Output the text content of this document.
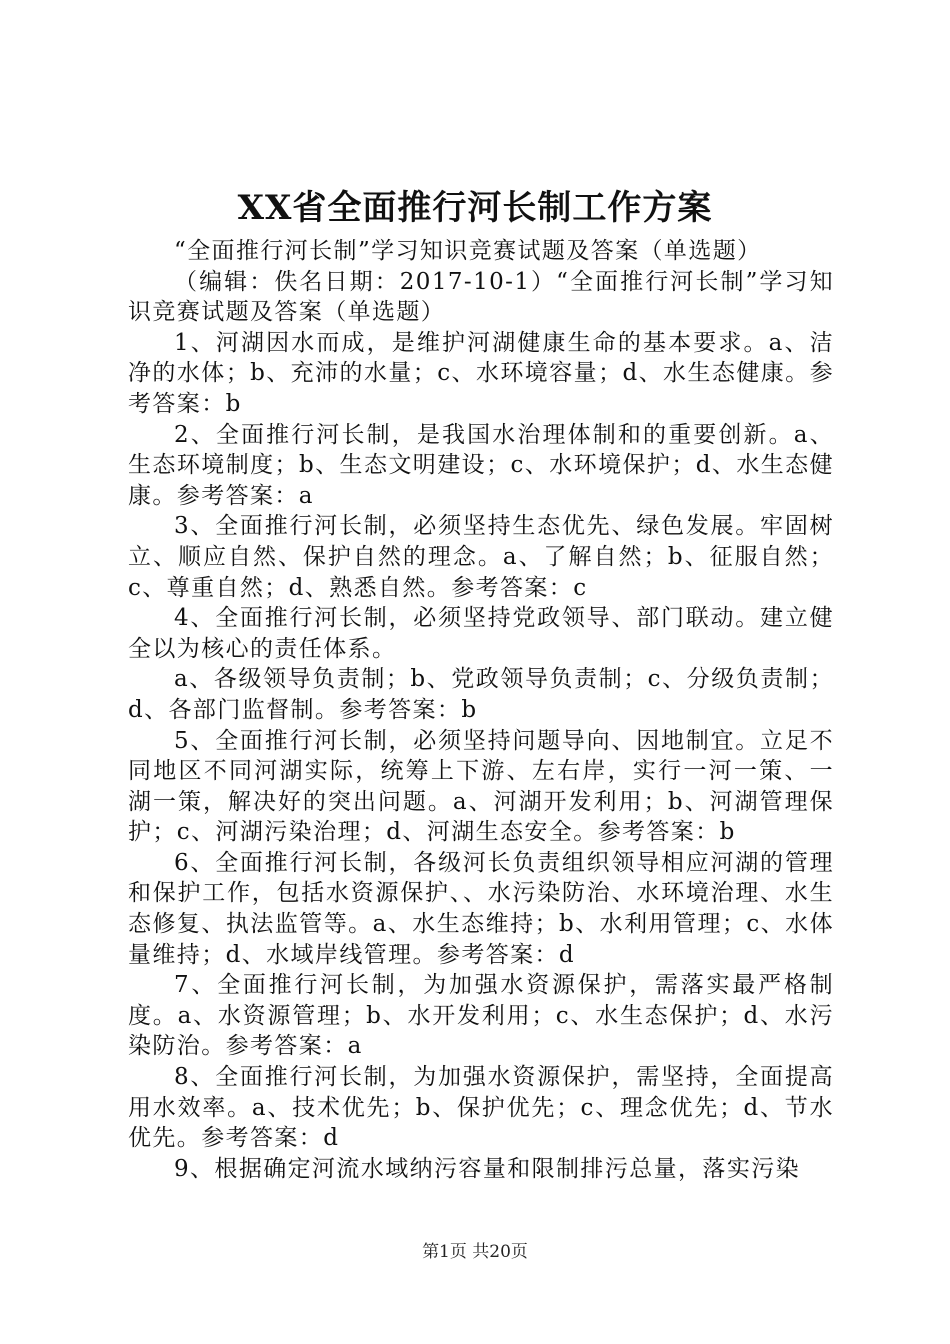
XX省全面推行河长制工作方案

“全面推行河长制”学习知识竞赛试题及答案（单选题）

（编辑：佚名日期：2017-10-1）“全面推行河长制”学习知识竞赛试题及答案（单选题）

1、河湖因水而成，是维护河湖健康生命的基本要求。a、洁净的水体；b、充沛的水量；c、水环境容量；d、水生态健康。参考答案：b

2、全面推行河长制，是我国水治理体制和的重要创新。a、生态环境制度；b、生态文明建设；c、水环境保护；d、水生态健康。参考答案：a

3、全面推行河长制，必须坚持生态优先、绿色发展。牢固树立、顺应自然、保护自然的理念。a、了解自然；b、征服自然；c、尊重自然；d、熟悉自然。参考答案：c

4、全面推行河长制，必须坚持党政领导、部门联动。建立健全以为核心的责任体系。

a、各级领导负责制；b、党政领导负责制；c、分级负责制；d、各部门监督制。参考答案：b

5、全面推行河长制，必须坚持问题导向、因地制宜。立足不同地区不同河湖实际，统筹上下游、左右岸，实行一河一策、一湖一策，解决好的突出问题。a、河湖开发利用；b、河湖管理保护；c、河湖污染治理；d、河湖生态安全。参考答案：b

6、全面推行河长制，各级河长负责组织领导相应河湖的管理和保护工作，包括水资源保护、、水污染防治、水环境治理、水生态修复、执法监管等。a、水生态维持；b、水利用管理；c、水体量维持；d、水域岸线管理。参考答案：d

7、全面推行河长制，为加强水资源保护，需落实最严格制度。a、水资源管理；b、水开发利用；c、水生态保护；d、水污染防治。参考答案：a

8、全面推行河长制，为加强水资源保护，需坚持，全面提高用水效率。a、技术优先；b、保护优先；c、理念优先；d、节水优先。参考答案：d

9、根据确定河流水域纳污容量和限制排污总量，落实污染

第1页 共20页
